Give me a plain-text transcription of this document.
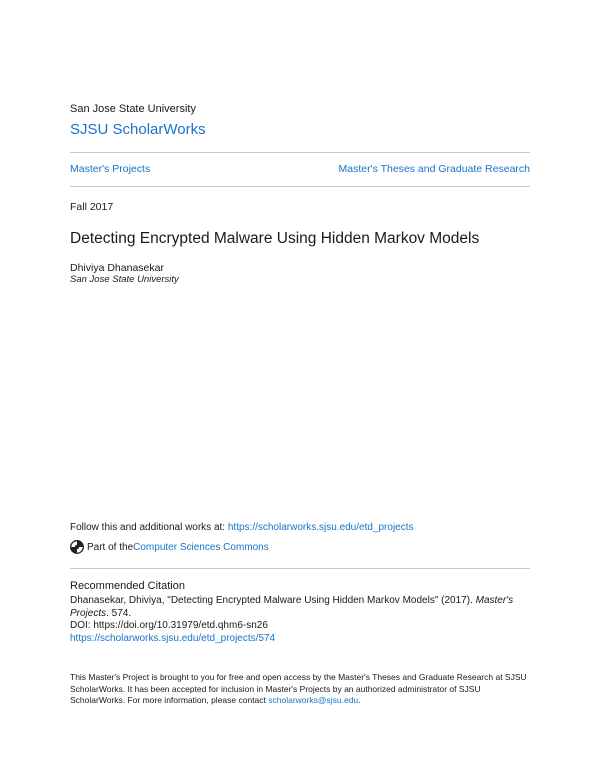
San Jose State University
SJSU ScholarWorks
Master's Projects	Master's Theses and Graduate Research
Fall 2017
Detecting Encrypted Malware Using Hidden Markov Models
Dhiviya Dhanasekar
San Jose State University
Follow this and additional works at: https://scholarworks.sjsu.edu/etd_projects
Part of the Computer Sciences Commons
Recommended Citation

Dhanasekar, Dhiviya, "Detecting Encrypted Malware Using Hidden Markov Models" (2017). Master's Projects. 574.

DOI: https://doi.org/10.31979/etd.qhm6-sn26

https://scholarworks.sjsu.edu/etd_projects/574

This Master's Project is brought to you for free and open access by the Master's Theses and Graduate Research at SJSU ScholarWorks. It has been accepted for inclusion in Master's Projects by an authorized administrator of SJSU ScholarWorks. For more information, please contact scholarworks@sjsu.edu.
